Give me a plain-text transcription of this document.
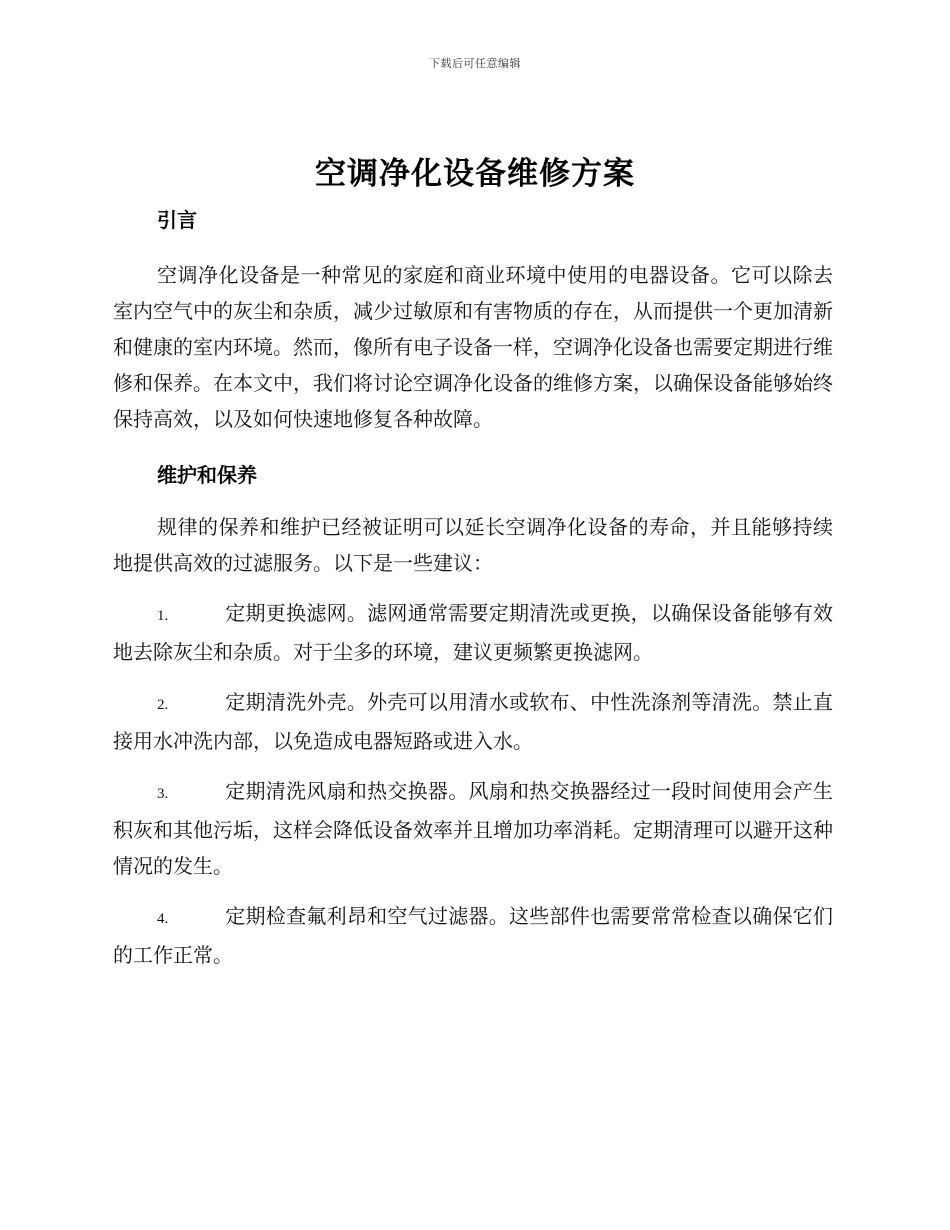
下载后可任意编辑
空调净化设备维修方案
引言

空调净化设备是一种常见的家庭和商业环境中使用的电器设备。它可以除去室内空气中的灰尘和杂质，减少过敏原和有害物质的存在，从而提供一个更加清新和健康的室内环境。然而，像所有电子设备一样，空调净化设备也需要定期进行维修和保养。在本文中，我们将讨论空调净化设备的维修方案，以确保设备能够始终保持高效，以及如何快速地修复各种故障。

维护和保养

规律的保养和维护已经被证明可以延长空调净化设备的寿命，并且能够持续地提供高效的过滤服务。以下是一些建议：

1.	定期更换滤网。滤网通常需要定期清洗或更换，以确保设备能够有效地去除灰尘和杂质。对于尘多的环境，建议更频繁更换滤网。

2.	定期清洗外壳。外壳可以用清水或软布、中性洗涤剂等清洗。禁止直接用水冲洗内部，以免造成电器短路或进入水。

3.	定期清洗风扇和热交换器。风扇和热交换器经过一段时间使用会产生积灰和其他污垢，这样会降低设备效率并且增加功率消耗。定期清理可以避开这种情况的发生。

4.	定期检查氟利昂和空气过滤器。这些部件也需要常常检查以确保它们的工作正常。
